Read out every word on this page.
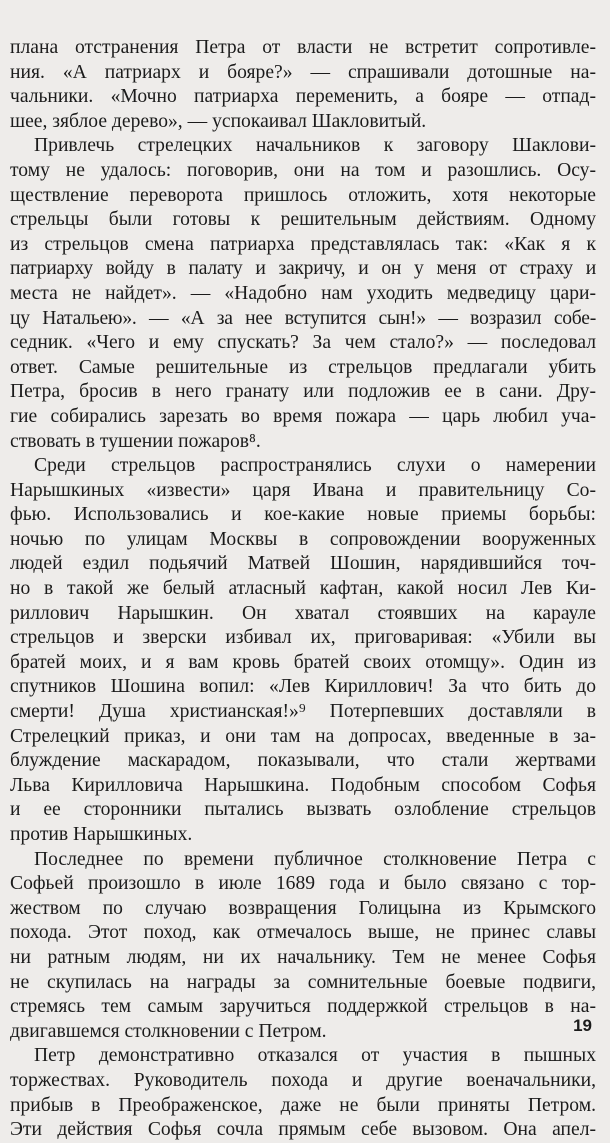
плана отстранения Петра от власти не встретит сопротивле-
ния. «А патриарх и бояре?» — спрашивали дотошные на-
чальники. «Мочно патриарха переменить, а бояре — отпад-
шее, зяблое дерево», — успокаивал Шакловитый.
Привлечь стрелецких начальников к заговору Шаклови-
тому не удалось: поговорив, они на том и разошлись. Осу-
ществление переворота пришлось отложить, хотя некоторые
стрельцы были готовы к решительным действиям. Одному
из стрельцов смена патриарха представлялась так: «Как я к
патриарху войду в палату и закричу, и он у меня от страху и
места не найдет». — «Надобно нам уходить медведицу цари-
цу Натальею». — «А за нее вступится сын!» — возразил собе-
седник. «Чего и ему спускать? За чем стало?» — последовал
ответ. Самые решительные из стрельцов предлагали убить
Петра, бросив в него гранату или подложив ее в сани. Дру-
гие собирались зарезать во время пожара — царь любил уча-
ствовать в тушении пожаров⁸.
Среди стрельцов распространялись слухи о намерении
Нарышкиных «извести» царя Ивана и правительницу Со-
фью. Использовались и кое-какие новые приемы борьбы:
ночью по улицам Москвы в сопровождении вооруженных
людей ездил подьячий Матвей Шошин, нарядившийся точ-
но в такой же белый атласный кафтан, какой носил Лев Ки-
риллович Нарышкин. Он хватал стоявших на карауле
стрельцов и зверски избивал их, приговаривая: «Убили вы
братей моих, и я вам кровь братей своих отомщу». Один из
спутников Шошина вопил: «Лев Кириллович! За что бить до
смерти! Душа христианская!»⁹ Потерпевших доставляли в
Стрелецкий приказ, и они там на допросах, введенные в за-
блуждение маскарадом, показывали, что стали жертвами
Льва Кирилловича Нарышкина. Подобным способом Софья
и ее сторонники пытались вызвать озлобление стрельцов
против Нарышкиных.
Последнее по времени публичное столкновение Петра с
Софьей произошло в июле 1689 года и было связано с тор-
жеством по случаю возвращения Голицына из Крымского
похода. Этот поход, как отмечалось выше, не принес славы
ни ратным людям, ни их начальнику. Тем не менее Софья
не скупилась на награды за сомнительные боевые подвиги,
стремясь тем самым заручиться поддержкой стрельцов в на-
двигавшемся столкновении с Петром.
Петр демонстративно отказался от участия в пышных
торжествах. Руководитель похода и другие военачальники,
прибыв в Преображенское, даже не были приняты Петром.
Эти действия Софья сочла прямым себе вызовом. Она апел-
19
